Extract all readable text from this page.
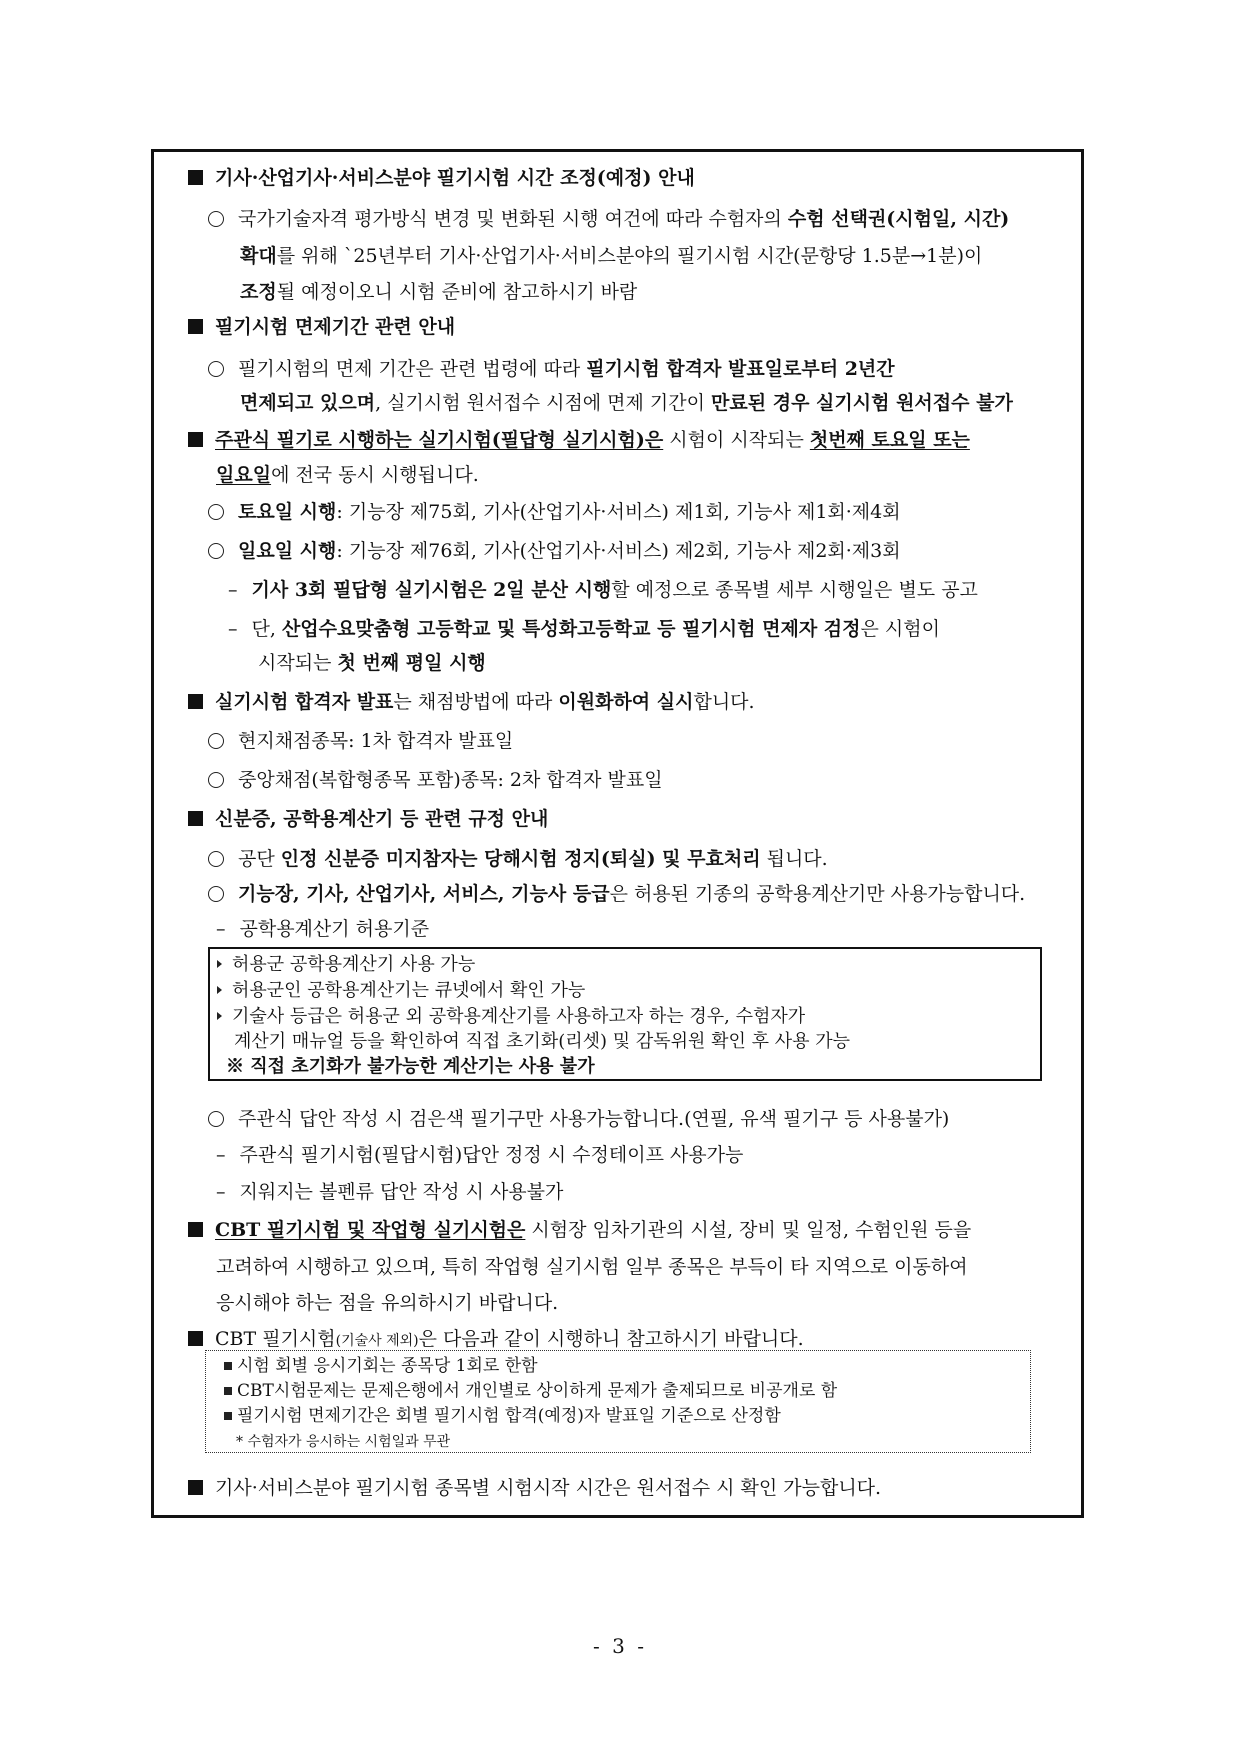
기사·산업기사·서비스분야 필기시험 시간 조정(예정) 안내
국가기술자격 평가방식 변경 및 변화된 시행 여건에 따라 수험자의 수험 선택권(시험일, 시간)
확대를 위해 `25년부터 기사·산업기사·서비스분야의 필기시험 시간(문항당 1.5분→1분)이
조정될 예정이오니 시험 준비에 참고하시기 바람
필기시험 면제기간 관련 안내
필기시험의 면제 기간은 관련 법령에 따라 필기시험 합격자 발표일로부터 2년간
면제되고 있으며, 실기시험 원서접수 시점에 면제 기간이 만료된 경우 실기시험 원서접수 불가
주관식 필기로 시행하는 실기시험(필답형 실기시험)은 시험이 시작되는 첫번째 토요일 또는
일요일에 전국 동시 시행됩니다.
토요일 시행: 기능장 제75회, 기사(산업기사·서비스) 제1회, 기능사 제1회·제4회
일요일 시행: 기능장 제76회, 기사(산업기사·서비스) 제2회, 기능사 제2회·제3회
– 기사 3회 필답형 실기시험은 2일 분산 시행할 예정으로 종목별 세부 시행일은 별도 공고
– 단, 산업수요맞춤형 고등학교 및 특성화고등학교 등 필기시험 면제자 검정은 시험이
시작되는 첫 번째 평일 시행
실기시험 합격자 발표는 채점방법에 따라 이원화하여 실시합니다.
현지채점종목: 1차 합격자 발표일
중앙채점(복합형종목 포함)종목: 2차 합격자 발표일
신분증, 공학용계산기 등 관련 규정 안내
공단 인정 신분증 미지참자는 당해시험 정지(퇴실) 및 무효처리 됩니다.
기능장, 기사, 산업기사, 서비스, 기능사 등급은 허용된 기종의 공학용계산기만 사용가능합니다.
– 공학용계산기 허용기준
허용군 공학용계산기 사용 가능
허용군인 공학용계산기는 큐넷에서 확인 가능
기술사 등급은 허용군 외 공학용계산기를 사용하고자 하는 경우, 수험자가
계산기 매뉴얼 등을 확인하여 직접 초기화(리셋) 및 감독위원 확인 후 사용 가능
※ 직접 초기화가 불가능한 계산기는 사용 불가
주관식 답안 작성 시 검은색 필기구만 사용가능합니다.(연필, 유색 필기구 등 사용불가)
– 주관식 필기시험(필답시험)답안 정정 시 수정테이프 사용가능
– 지워지는 볼펜류 답안 작성 시 사용불가
CBT 필기시험 및 작업형 실기시험은 시험장 임차기관의 시설, 장비 및 일정, 수험인원 등을
고려하여 시행하고 있으며, 특히 작업형 실기시험 일부 종목은 부득이 타 지역으로 이동하여
응시해야 하는 점을 유의하시기 바랍니다.
CBT 필기시험(기술사 제외)은 다음과 같이 시행하니 참고하시기 바랍니다.
시험 회별 응시기회는 종목당 1회로 한함
CBT시험문제는 문제은행에서 개인별로 상이하게 문제가 출제되므로 비공개로 함
필기시험 면제기간은 회별 필기시험 합격(예정)자 발표일 기준으로 산정함
* 수험자가 응시하는 시험일과 무관
기사·서비스분야 필기시험 종목별 시험시작 시간은 원서접수 시 확인 가능합니다.
- 3 -
